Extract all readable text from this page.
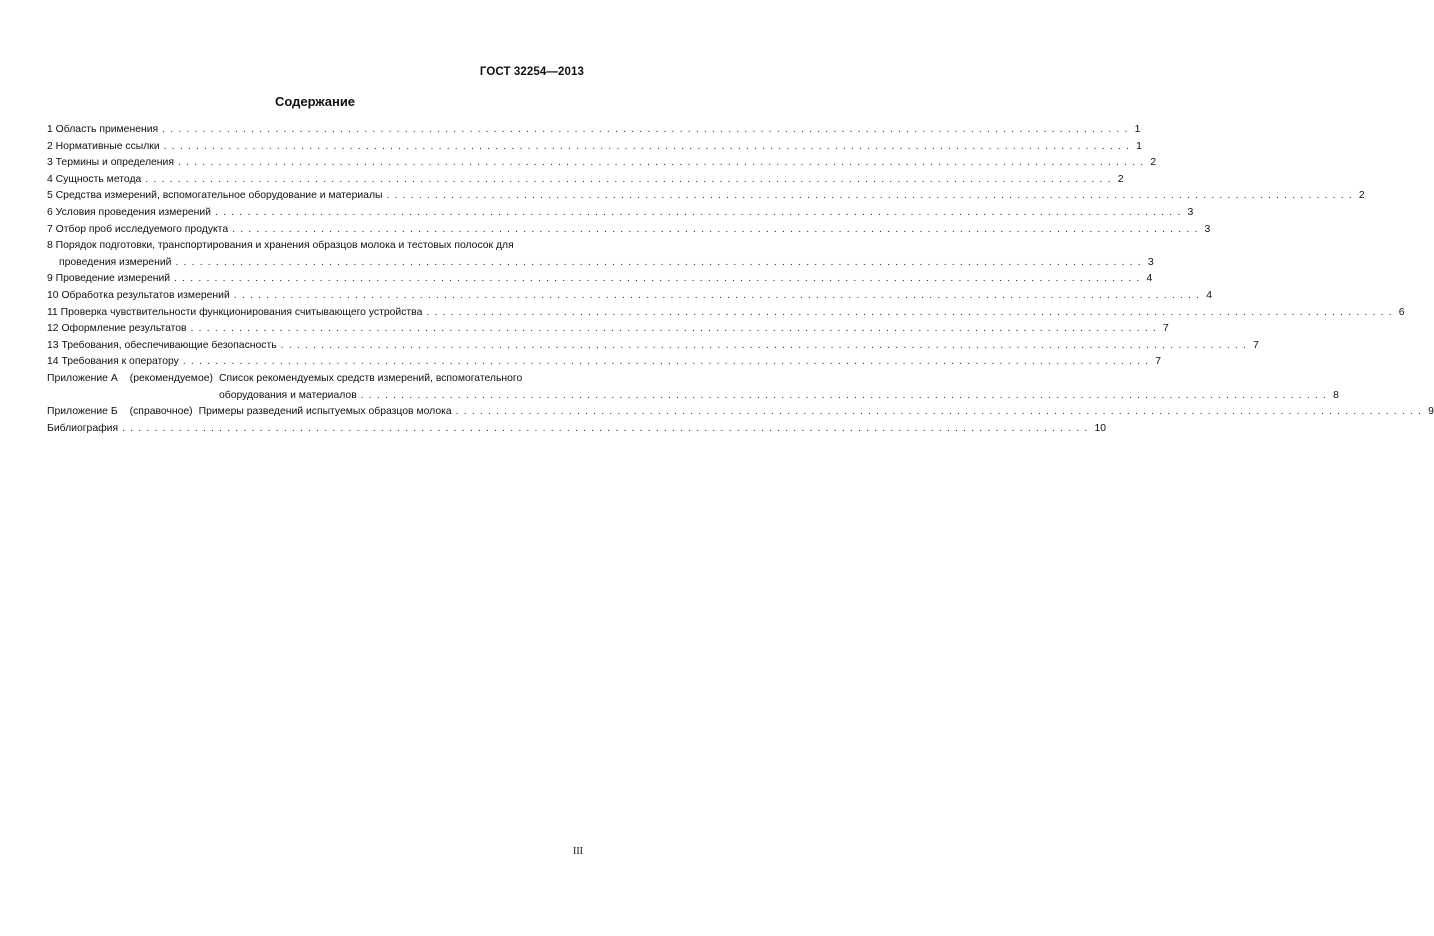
ГОСТ 32254—2013
Содержание
1 Область применения ........................................................................................................................ 1
2 Нормативные ссылки ........................................................................................................................ 1
3 Термины и определения ........................................................................................................................ 2
4 Сущность метода ........................................................................................................................ 2
5 Средства измерений, вспомогательное оборудование и материалы ........................................................................................................................ 2
6 Условия проведения измерений ........................................................................................................................ 3
7 Отбор проб исследуемого продукта ........................................................................................................................ 3
8 Порядок подготовки, транспортирования и хранения образцов молока и тестовых полосок для
проведения измерений ........................................................................................................................ 3
9 Проведение измерений ........................................................................................................................ 4
10 Обработка результатов измерений ........................................................................................................................ 4
11 Проверка чувствительности функционирования считывающего устройства ........................................................................................................................ 6
12 Оформление результатов ........................................................................................................................ 7
13 Требования, обеспечивающие безопасность ........................................................................................................................ 7
14 Требования к оператору ........................................................................................................................ 7
Приложение А (рекомендуемое) Список рекомендуемых средств измерений, вспомогательного
оборудования и материалов ........................................................................................................................ 8
Приложение Б (справочное) Примеры разведений испытуемых образцов молока ........................................................................................................................ 9
Библиография ........................................................................................................................ 10
III
